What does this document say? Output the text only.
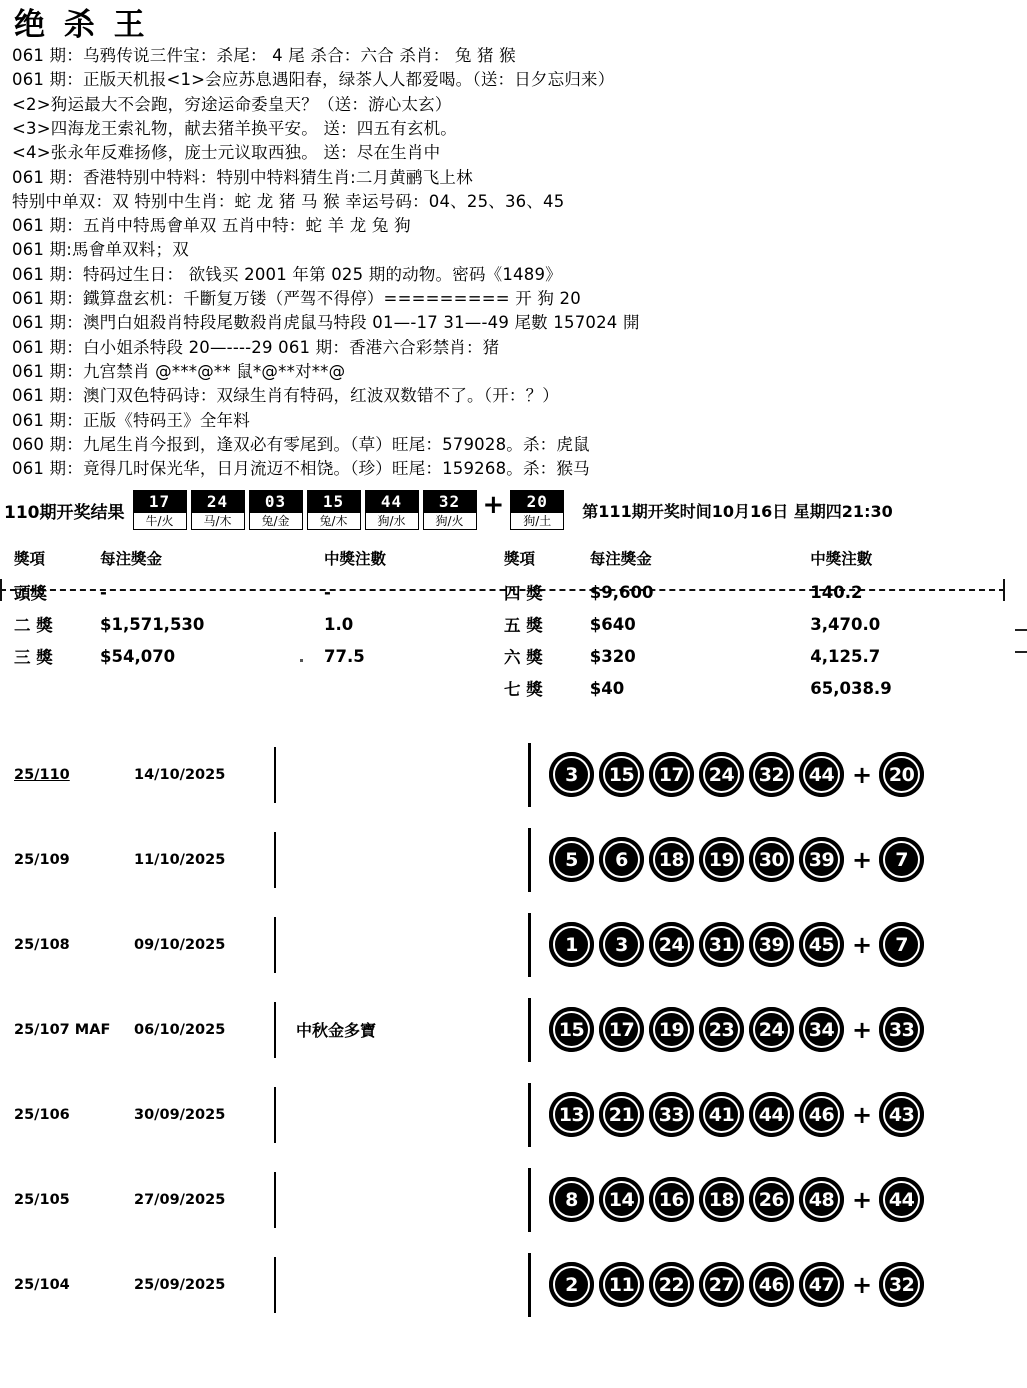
绝 杀 王
061 期：乌鸦传说三件宝：杀尾： 4 尾 杀合：六合 杀肖： 兔 猪 猴
061 期：正版天机报<1>会应苏息遇阳春，绿茶人人都爱喝。（送：日夕忘归来）
<2>狗运最大不会跑，穷途运命委皇天？（送：游心太玄）
<3>四海龙王索礼物，献去猪羊换平安。 送：四五有玄机。
<4>张永年反难扬修，庞士元议取西独。 送：尽在生肖中
061 期：香港特别中特料：特别中特料猜生肖:二月黄鹂飞上林
特别中单双：双 特别中生肖：蛇 龙 猪 马 猴 幸运号码：04、25、36、45
061 期：五肖中特馬會单双 五肖中特：蛇 羊 龙 兔 狗
061 期:馬會单双料；双
061 期：特码过生日： 欲钱买 2001 年第 025 期的动物。密码《1489》
061 期：鐵算盘玄机：千斷复万镂（严驾不得停）========= 开 狗 20
061 期：澳門白姐殺肖特段尾數殺肖虎鼠马特段 01—-17 31—-49 尾數 157024 開
061 期：白小姐杀特段 20—----29 061 期：香港六合彩禁肖：猪
061 期：九宫禁肖 @***@** 鼠*@**对**@
061 期：澳门双色特码诗：双绿生肖有特码，红波双数错不了。（开：？）
061 期：正版《特码王》全年料
060 期：九尾生肖今报到，逢双必有零尾到。（草）旺尾：579028。杀：虎鼠
061 期：竟得几时保光华，日月流迈不相饶。（珍）旺尾：159268。杀：猴马
110期开奖结果
17
牛/火
24
马/木
03
兔/金
15
兔/木
44
狗/水
32
狗/火
+	20
狗/土
第111期开奖时间10月16日 星期四21:30
獎項	每注獎金	中獎注數
頭獎	-	-
二 獎	$1,571,530	1.0
三 獎	$54,070	77.5
獎項	每注獎金	中獎注數
四 獎	$9,600	140.2
五 獎	$640	3,470.0
六 獎	$320	4,125.7
七 獎	$40	65,038.9
25/110	14/10/2025	3	15	17	24	32	44 + 20
25/109	11/10/2025	5	6	18	19	30	39 +	7
25/108	09/10/2025	1	3	24	31	39	45 +	7
25/107 MAF	06/10/2025	中秋金多寶	15	17	19	23	24	34 + 33
25/106	30/09/2025	13	21	33	41	44	46 + 43
25/105	27/09/2025	8	14	16	18	26	48 + 44
25/104	25/09/2025	2	11	22	27	46	47 + 32
